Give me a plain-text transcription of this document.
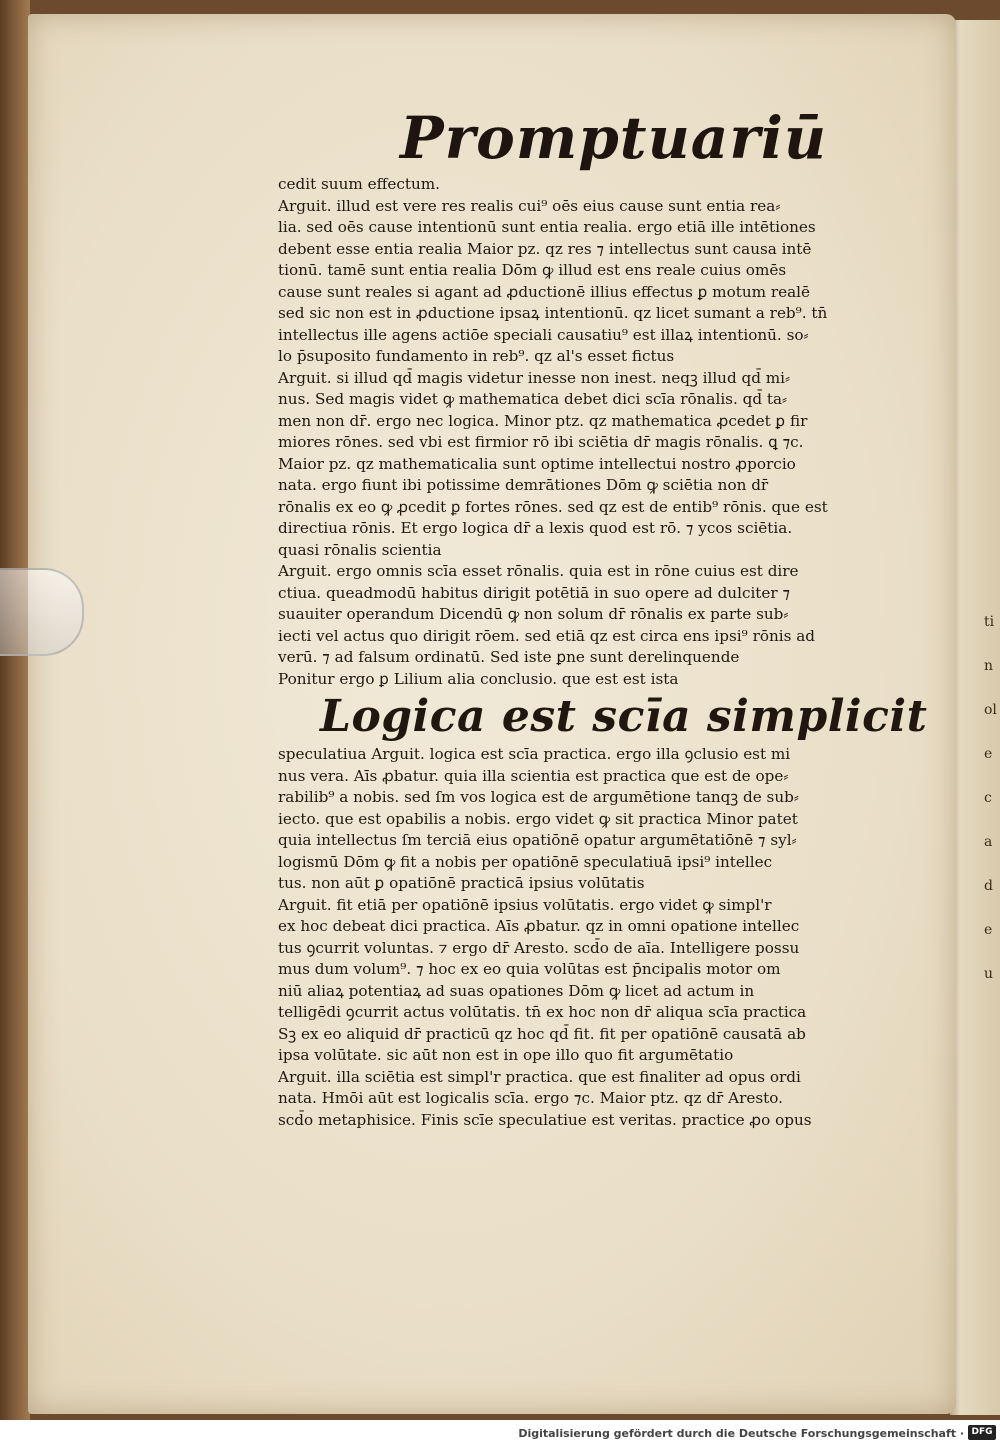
tinolecadeu
Promptuariū
cedit suum effectum.
Arguit. illud est vere res realis cui⁹ oēs eius cause sunt entia rea⸗
lia. sed oēs cause intentionū sunt entia realia. ergo etiā ille intētiones
debent esse entia realia Maior pz. qz res ⁊ intellectus sunt causa intē
tionū. tamē sunt entia realia Dōm ꝙ illud est ens reale cuius omēs
cause sunt reales si agant ad ꝓductionē illius effectus ꝑ motum realē
sed sic non est in ꝓductione ipsaꝝ intentionū. qz licet sumant a reb⁹. tn̄
intellectus ille agens actiōe speciali causatiu⁹ est illaꝝ intentionū. so⸗
lo p̄suposito fundamento in reb⁹. qz al's esset fictus
Arguit. si illud qd̄ magis videtur inesse non inest. neqꝫ illud qd̄ mi⸗
nus. Sed magis videt ꝙ mathematica debet dici scīa rōnalis. qd̄ ta⸗
men non dr̄. ergo nec logica. Minor ptz. qz mathematica ꝓcedet ꝑ fir
miores rōnes. sed vbi est firmior rō ibi sciētia dr̄ magis rōnalis. ꝗ ⁊c.
Maior pz. qz mathematicalia sunt optime intellectui nostro ꝓporcio
nata. ergo fiunt ibi potissime demrātiones Dōm ꝙ sciētia non dr̄
rōnalis ex eo ꝙ ꝓcedit ꝑ fortes rōnes. sed qz est de entib⁹ rōnis. que est
directiua rōnis. Et ergo logica dr̄ a lexis quod est rō. ⁊ ycos sciētia.
quasi rōnalis scientia
Arguit. ergo omnis scīa esset rōnalis. quia est in rōne cuius est dire
ctiua. queadmodū habitus dirigit potētiā in suo opere ad dulciter ⁊
suauiter operandum Dicendū ꝙ non solum dr̄ rōnalis ex parte sub⸗
iecti vel actus quo dirigit rōem. sed etiā qz est circa ens ipsi⁹ rōnis ad
verū. ⁊ ad falsum ordinatū. Sed iste ꝑne sunt derelinquende
Ponitur ergo ꝑ Lilium alia conclusio. que est est ista
Logica est scīa simplicit
speculatiua Arguit. logica est scīa practica. ergo illa ꝯclusio est mi
nus vera. Aīs ꝓbatur. quia illa scientia est practica que est de ope⸗
rabilib⁹ a nobis. sed ſm vos logica est de argumētione tanqꝫ de sub⸗
iecto. que est opabilis a nobis. ergo videt ꝙ sit practica Minor patet
quia intellectus ſm terciā eius opatiōnē opatur argumētatiōnē ⁊ syl⸗
logismū Dōm ꝙ fit a nobis per opatiōnē speculatiuā ipsi⁹ intellec
tus. non aūt ꝑ opatiōnē practicā ipsius volūtatis
Arguit. fit etiā per opatiōnē ipsius volūtatis. ergo videt ꝙ simpl'r
ex hoc debeat dici practica. Aīs ꝓbatur. qz in omni opatione intellec
tus ꝯcurrit voluntas. ⁊ ergo dr̄ Aresto. scd̄o de aīa. Intelligere possu
mus dum volum⁹. ⁊ hoc ex eo quia volūtas est p̄ncipalis motor om
niū aliaꝝ potentiaꝝ ad suas opationes Dōm ꝙ licet ad actum in
telligēdi ꝯcurrit actus volūtatis. tn̄ ex hoc non dr̄ aliqua scīa practica
Sꝫ ex eo aliquid dr̄ practicū qz hoc qd̄ fit. fit per opatiōnē causatā ab
ipsa volūtate. sic aūt non est in ope illo quo fit argumētatio
Arguit. illa sciētia est simpl'r practica. que est finaliter ad opus ordi
nata. Hmōi aūt est logicalis scīa. ergo ⁊c. Maior ptz. qz dr̄ Aresto.
scd̄o metaphisice. Finis scīe speculatiue est veritas. practice ꝓo opus
Digitalisierung gefördert durch die Deutsche Forschungsgemeinschaft · DFG
